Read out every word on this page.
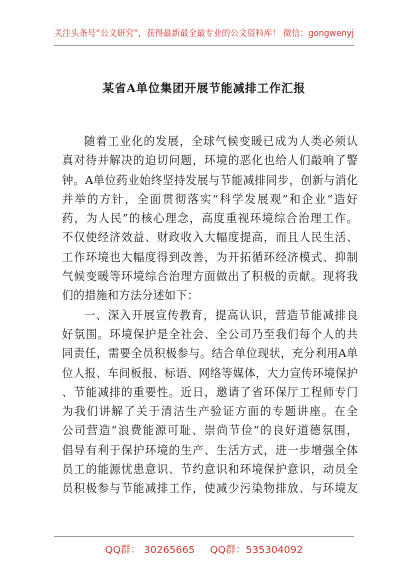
关注头条号“公文研究”，获得最新最全最专业的公文资料库！ 微信：gongwenyj
某省A单位集团开展节能减排工作汇报
随着工业化的发展，全球气候变暖已成为人类必须认
真对待并解决的迫切问题，环境的恶化也给人们敲响了警
钟。A单位药业始终坚持发展与节能减排同步，创新与消化
并举的方针，全面贯彻落实“科学发展观”和企业“造好
药，为人民”的核心理念，高度重视环境综合治理工作。
不仅使经济效益、财政收入大幅度提高，而且人民生活、
工作环境也大幅度得到改善，为开拓循环经济模式、抑制
气候变暖等环境综合治理方面做出了积极的贡献。现将我
们的措施和方法分述如下：
一、深入开展宣传教育，提高认识，营造节能减排良
好氛围。环境保护是全社会、全公司乃至我们每个人的共
同责任，需要全员积极参与。结合单位现状，充分利用A单
位人报、车间板报、标语、网络等媒体，大力宣传环境保护
、节能减排的重要性。近日，邀请了省环保厅工程师专门
为我们讲解了关于清洁生产验证方面的专题讲座。在全
公司营造“浪费能源可耻、崇尚节俭”的良好道德氛围，
倡导有利于保护环境的生产、生活方式，进一步增强全体
员工的能源忧患意识、节约意识和环境保护意识，动员全
员积极参与节能减排工作，使减少污染物排放、与环境友
QQ群： 30265665 QQ群：535304092
